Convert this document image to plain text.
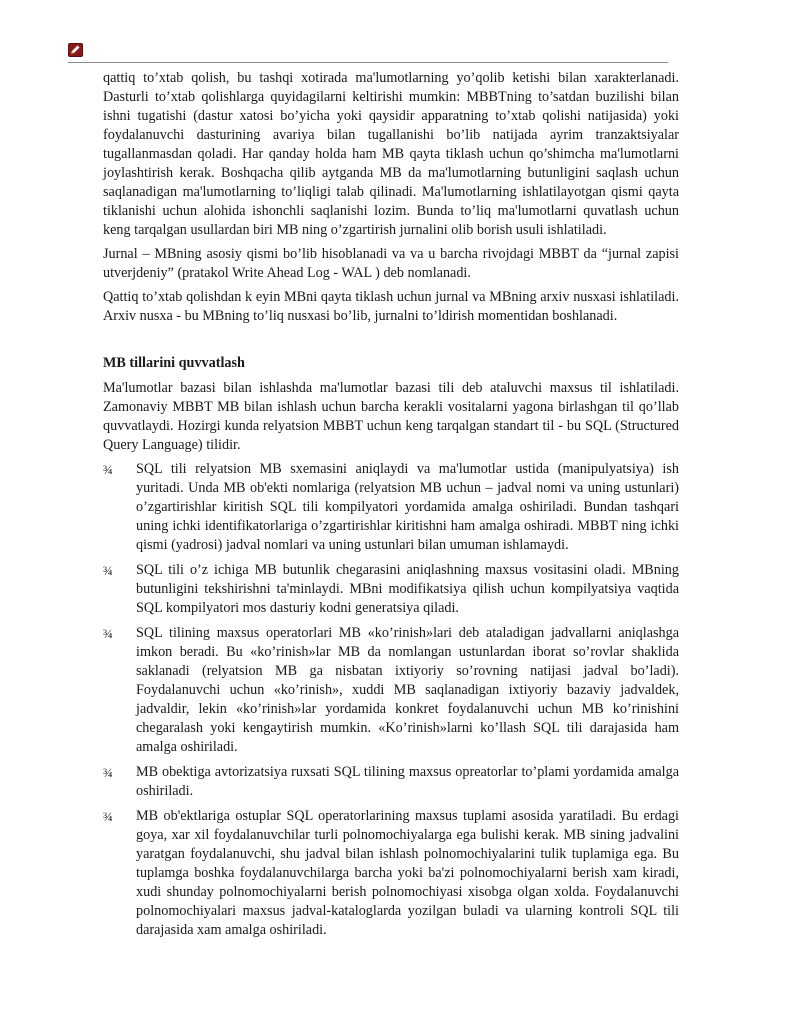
qattiq to’xtab qolish, bu tashqi xotirada ma'lumotlarning yo’qolib ketishi bilan xarakterlanadi. Dasturli to’xtab qolishlarga quyidagilarni keltirishi mumkin: MBBTning to’satdan buzilishi bilan ishni tugatishi (dastur xatosi bo’yicha yoki qaysidir apparatning to’xtab qolishi natijasida) yoki foydalanuvchi dasturining avariya bilan tugallanishi bo’lib natijada ayrim tranzaktsiyalar tugallanmasdan qoladi. Har qanday holda ham MB qayta tiklash uchun qo’shimcha ma'lumotlarni joylashtirish kerak. Boshqacha qilib aytganda MB da ma'lumotlarning butunligini saqlash uchun saqlanadigan ma'lumotlarning to’liqligi talab qilinadi. Ma'lumotlarning ishlatilayotgan qismi qayta tiklanishi uchun alohida ishonchli saqlanishi lozim. Bunda to’liq ma'lumotlarni quvatlash uchun keng tarqalgan usullardan biri MB ning o’zgartirish jurnalini olib borish usuli ishlatiladi.

Jurnal – MBning asosiy qismi bo’lib hisoblanadi va va u barcha rivojdagi MBBT da “jurnal zapisi utverjdeniy” (pratakol Write Ahead Log - WAL ) deb nomlanadi.

Qattiq to’xtab qolishdan k eyin MBni qayta tiklash uchun jurnal va MBning arxiv nusxasi ishlatiladi. Arxiv nusxa - bu MBning to’liq nusxasi bo’lib, jurnalni to’ldirish momentidan boshlanadi.

MB tillarini quvvatlash

Ma'lumotlar bazasi bilan ishlashda ma'lumotlar bazasi tili deb ataluvchi maxsus til ishlatiladi. Zamonaviy MBBT MB bilan ishlash uchun barcha kerakli vositalarni yagona birlashgan til qo’llab quvvatlaydi. Hozirgi kunda relyatsion MBBT uchun keng tarqalgan standart til - bu SQL (Structured Query Language) tilidir.

¾ SQL tili relyatsion MB sxemasini aniqlaydi va ma'lumotlar ustida (manipulyatsiya) ish yuritadi. Unda MB ob'ekti nomlariga (relyatsion MB uchun – jadval nomi va uning ustunlari) o’zgartirishlar kiritish SQL tili kompilyatori yordamida amalga oshiriladi. Bundan tashqari uning ichki identifikatorlariga o’zgartirishlar kiritishni ham amalga oshiradi. MBBT ning ichki qismi (yadrosi) jadval nomlari va uning ustunlari bilan umuman ishlamaydi.
¾ SQL tili o’z ichiga MB butunlik chegarasini aniqlashning maxsus vositasini oladi. MBning butunligini tekshirishni ta'minlaydi. MBni modifikatsiya qilish uchun kompilyatsiya vaqtida SQL kompilyatori mos dasturiy kodni generatsiya qiladi.
¾ SQL tilining maxsus operatorlari MB «ko’rinish»lari deb ataladigan jadvallarni aniqlashga imkon beradi. Bu «ko’rinish»lar MB da nomlangan ustunlardan iborat so’rovlar shaklida saklanadi (relyatsion MB ga nisbatan ixtiyoriy so’rovning natijasi jadval bo’ladi). Foydalanuvchi uchun «ko’rinish», xuddi MB saqlanadigan ixtiyoriy bazaviy jadvaldek, jadvaldir, lekin «ko’rinish»lar yordamida konkret foydalanuvchi uchun MB ko’rinishini chegaralash yoki kengaytirish mumkin. «Ko’rinish»larni ko’llash SQL tili darajasida ham amalga oshiriladi.
¾ MB obektiga avtorizatsiya ruxsati SQL tilining maxsus opreatorlar to’plami yordamida amalga oshiriladi.
¾ MB ob'ektlariga ostuplar SQL operatorlarining maxsus tuplami asosida yaratiladi. Bu erdagi goya, xar xil foydalanuvchilar turli polnomochiyalarga ega bulishi kerak. MB sining jadvalini yaratgan foydalanuvchi, shu jadval bilan ishlash polnomochiyalarini tulik tuplamiga ega. Bu tuplamga boshka foydalanuvchilarga barcha yoki ba'zi polnomochiyalarni berish xam kiradi, xudi shunday polnomochiyalarni berish polnomochiyasi xisobga olgan xolda. Foydalanuvchi polnomochiyalari maxsus jadval-kataloglarda yozilgan buladi va ularning kontroli SQL tili darajasida xam amalga oshiriladi.
